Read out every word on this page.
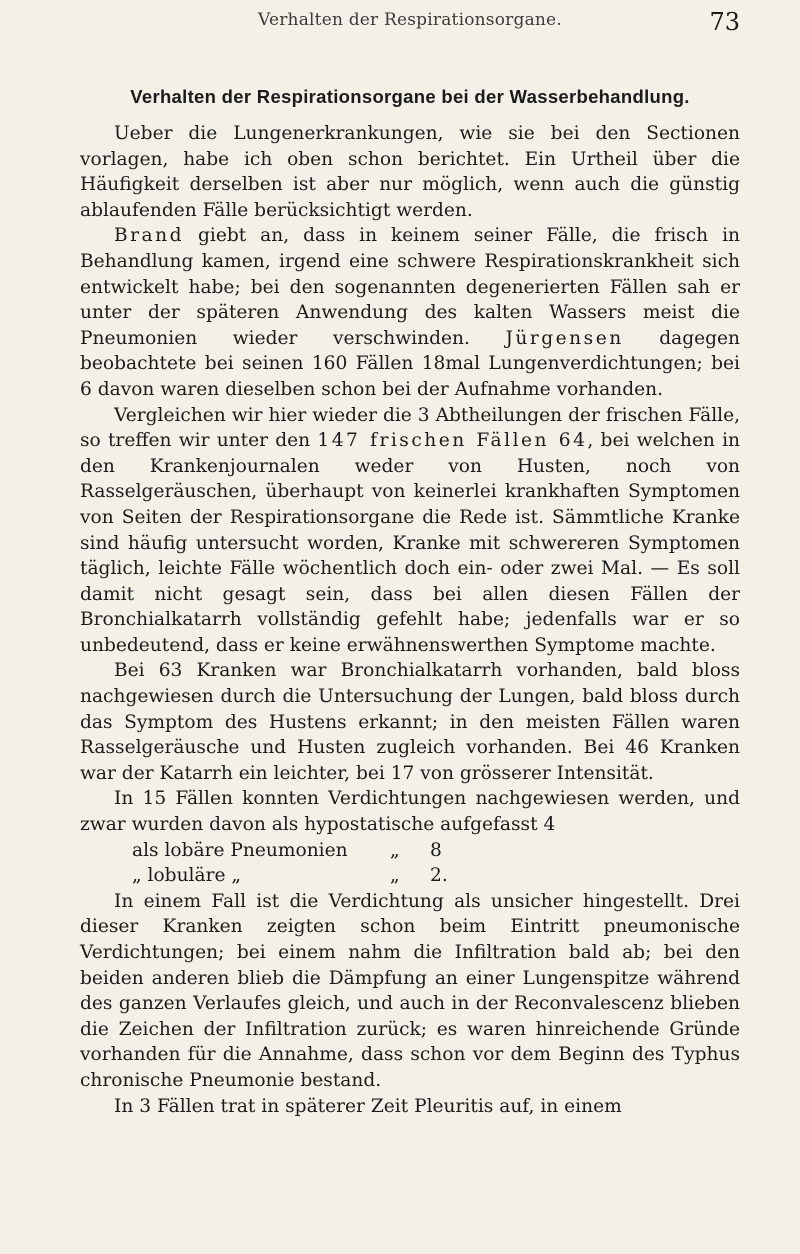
Verhalten der Respirationsorgane.	73
Verhalten der Respirationsorgane bei der Wasserbehandlung.

Ueber die Lungenerkrankungen, wie sie bei den Sectionen vorlagen, habe ich oben schon berichtet. Ein Urtheil über die Häufigkeit derselben ist aber nur möglich, wenn auch die günstig ablaufenden Fälle berücksichtigt werden.

Brand giebt an, dass in keinem seiner Fälle, die frisch in Behandlung kamen, irgend eine schwere Respirationskrankheit sich entwickelt habe; bei den sogenannten degenerierten Fällen sah er unter der späteren Anwendung des kalten Wassers meist die Pneumonien wieder verschwinden. Jürgensen dagegen beobachtete bei seinen 160 Fällen 18mal Lungenverdichtungen; bei 6 davon waren dieselben schon bei der Aufnahme vorhanden.

Vergleichen wir hier wieder die 3 Abtheilungen der frischen Fälle, so treffen wir unter den 147 frischen Fällen 64, bei welchen in den Krankenjournalen weder von Husten, noch von Rasselgeräuschen, überhaupt von keinerlei krankhaften Symptomen von Seiten der Respirationsorgane die Rede ist. Sämmtliche Kranke sind häufig untersucht worden, Kranke mit schwereren Symptomen täglich, leichte Fälle wöchentlich doch ein- oder zwei Mal. — Es soll damit nicht gesagt sein, dass bei allen diesen Fällen der Bronchialkatarrh vollständig gefehlt habe; jedenfalls war er so unbedeutend, dass er keine erwähnenswerthen Symptome machte.

Bei 63 Kranken war Bronchialkatarrh vorhanden, bald bloss nachgewiesen durch die Untersuchung der Lungen, bald bloss durch das Symptom des Hustens erkannt; in den meisten Fällen waren Rasselgeräusche und Husten zugleich vorhanden. Bei 46 Kranken war der Katarrh ein leichter, bei 17 von grösserer Intensität.

In 15 Fällen konnten Verdichtungen nachgewiesen werden, und zwar wurden davon als hypostatische aufgefasst 4

als lobäre Pneumonien	„	8
„ lobuläre „	„	2.

In einem Fall ist die Verdichtung als unsicher hingestellt. Drei dieser Kranken zeigten schon beim Eintritt pneumonische Verdichtungen; bei einem nahm die Infiltration bald ab; bei den beiden anderen blieb die Dämpfung an einer Lungenspitze während des ganzen Verlaufes gleich, und auch in der Reconvalescenz blieben die Zeichen der Infiltration zurück; es waren hinreichende Gründe vorhanden für die Annahme, dass schon vor dem Beginn des Typhus chronische Pneumonie bestand.

In 3 Fällen trat in späterer Zeit Pleuritis auf, in einem
